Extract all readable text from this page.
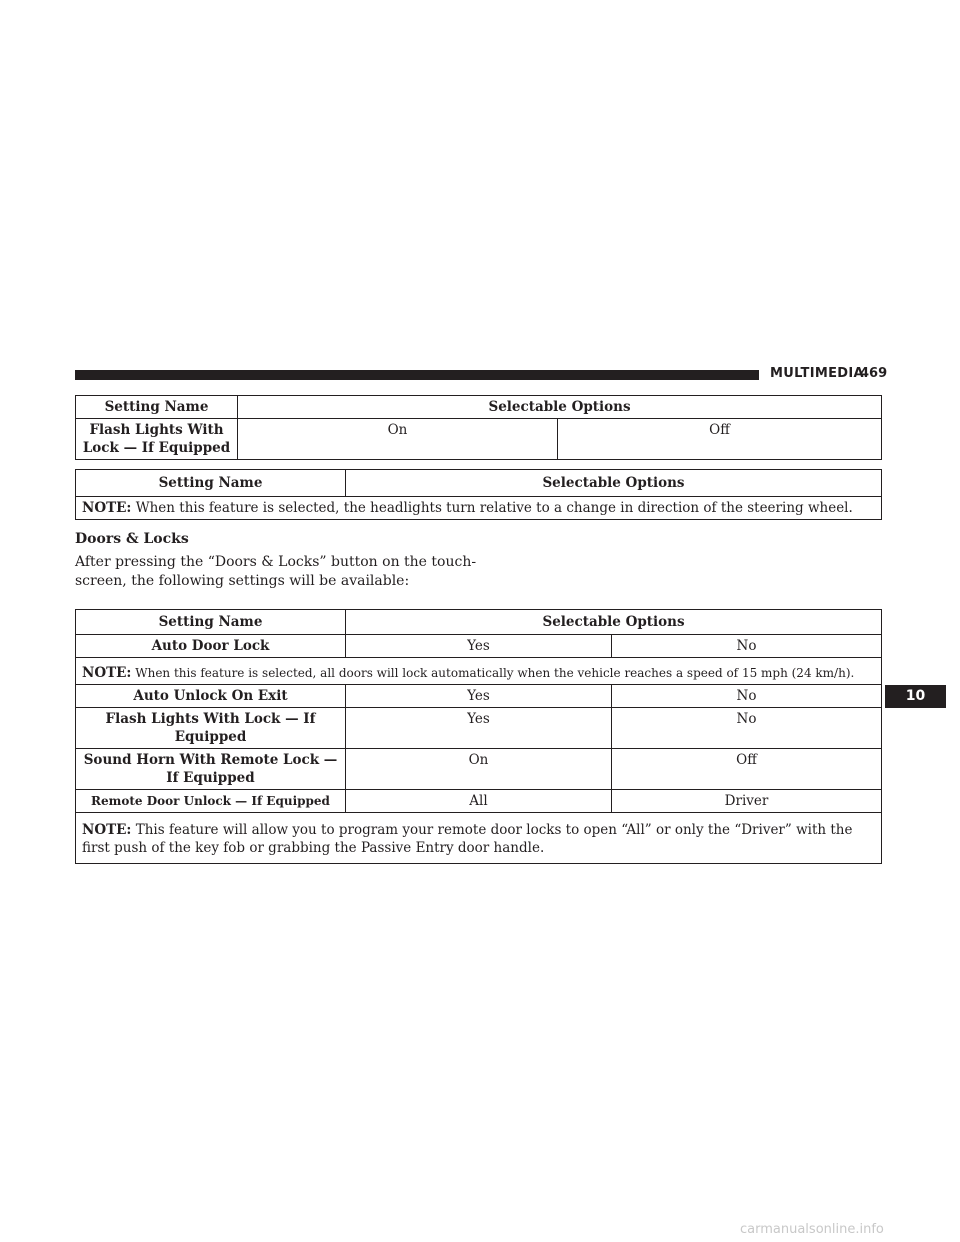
MULTIMEDIA
469
Setting Name	Selectable Options	
Flash Lights With
Lock — If Equipped	On	Off
Setting Name	Selectable Options
NOTE: When this feature is selected, the headlights turn relative to a change in direction of the steering wheel.
Doors & Locks
After pressing the “Doors & Locks” button on the touch-screen, the following settings will be available:
Setting Name	Selectable Options	
Auto Door Lock	Yes	No
NOTE: When this feature is selected, all doors will lock automatically when the vehicle reaches a speed of 15 mph (24 km/h).		
Auto Unlock On Exit	Yes	No
Flash Lights With Lock — If Equipped	Yes	No
Sound Horn With Remote Lock — If Equipped	On	Off
Remote Door Unlock — If Equipped	All	Driver
NOTE: This feature will allow you to program your remote door locks to open “All” or only the “Driver” with the first push of the key fob or grabbing the Passive Entry door handle.		
10
carmanualsonline.info
